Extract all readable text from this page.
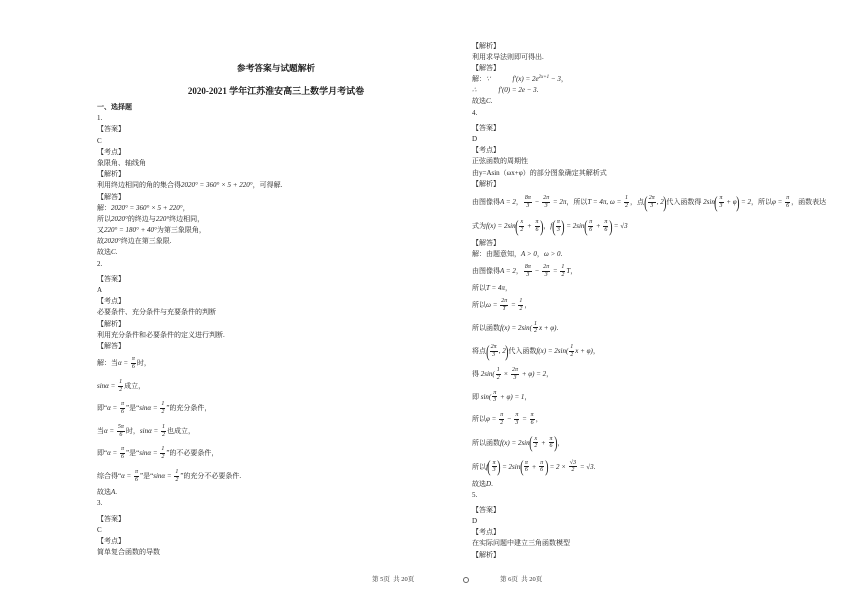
参考答案与试题解析
2020-2021 学年江苏淮安高三上数学月考试卷
一、选择题
1.
【答案】
C
【考点】
象限角、轴线角
【解析】
利用终边相同的角的集合得2020° = 360° × 5 + 220°，可得解.
【解答】
解：2020° = 360° × 5 + 220°，
所以2020°的终边与220°终边相同，
又220° = 180° + 40°为第三象限角，
故2020°终边在第三象限.
故选C.
2.
【答案】
A
【考点】
必要条件、充分条件与充要条件的判断
【解析】
利用充分条件和必要条件的定义进行判断.
【解答】
解：当$\alpha = \frac{\pi}{6}$ 时，
$\sin\alpha = \frac{1}{2}$ 成立，
即“$\alpha = \frac{\pi}{6}$ ”是“$\sin\alpha = \frac{1}{2}$ ”的充分条件，
当$\alpha = \frac{5\pi}{6}$ 时，$\sin\alpha = \frac{1}{2}$ 也成立，
即“$\alpha = \frac{\pi}{6}$ ”是“$\sin\alpha = \frac{1}{2}$ ”的不必要条件，
综合得“$\alpha = \frac{\pi}{6}$ ”是“$\sin\alpha = \frac{1}{2}$ ”的充分不必要条件.
故选A.
3.
【答案】
C
【考点】
简单复合函数的导数
【解析】
利用求导法则即可得出.
【解答】
解：∵	$f'(x) = 2e^{2x+1} - 3$，
∴	f′(0) = 2e − 3.
故选C.
4.
【答案】
D
【考点】
正弦函数的周期性
由y=Asin（ωx+φ）的部分图象确定其解析式
【解析】
由图像得A = 2， $\frac{8\pi}{3} - \frac{2\pi}{3} = 2\pi$，所以T = 4π, $\omega = \frac{1}{2}$ ，点( $\frac{2\pi}{3}$ , 2)代入函数得 $2\sin( \frac{\pi}{3} + \varphi) = 2$，所以$\varphi = \frac{\pi}{6}$ ，函数表达
式为$f(x) = 2\sin( \frac{x}{2} + \frac{\pi}{6}$ )，$f( \frac{\pi}{3}$ ) = $2\sin( \frac{\pi}{6} + \frac{\pi}{6}$ ) = √3
【解答】
解：由题意知，A > 0，ω > 0.
由图像得A = 2， $\frac{8\pi}{3} - \frac{2\pi}{3} = \frac{1}{2}$ T，
所以T = 4π，
所以$\omega = \frac{2\pi}{T} = \frac{1}{2}$ ，
所以函数$f(x) = 2\sin( \frac{1}{2}$ x + φ).
将点( $\frac{2\pi}{3}$ , 2)代入函数$f(x) = 2\sin( \frac{1}{2}$ x + φ)，
得 $2\sin( \frac{1}{2} \times \frac{2\pi}{3} + \varphi) = 2$，
即 $\sin( \frac{\pi}{3} + \varphi) = 1$，
所以$\varphi = \frac{\pi}{2} - \frac{\pi}{3} = \frac{\pi}{6}$ ，
所以函数$f(x) = 2\sin( \frac{x}{2} + \frac{\pi}{6}$ )，
所以$f( \frac{\pi}{3}$ ) = $2\sin( \frac{\pi}{6} + \frac{\pi}{6}$ ) = $2 \times \frac{√3}{2} = √3$.
故选D.
5.
【答案】
D
【考点】
在实际问题中建立三角函数模型
【解析】
第 5页  共 20页	第 6页  共 20页
